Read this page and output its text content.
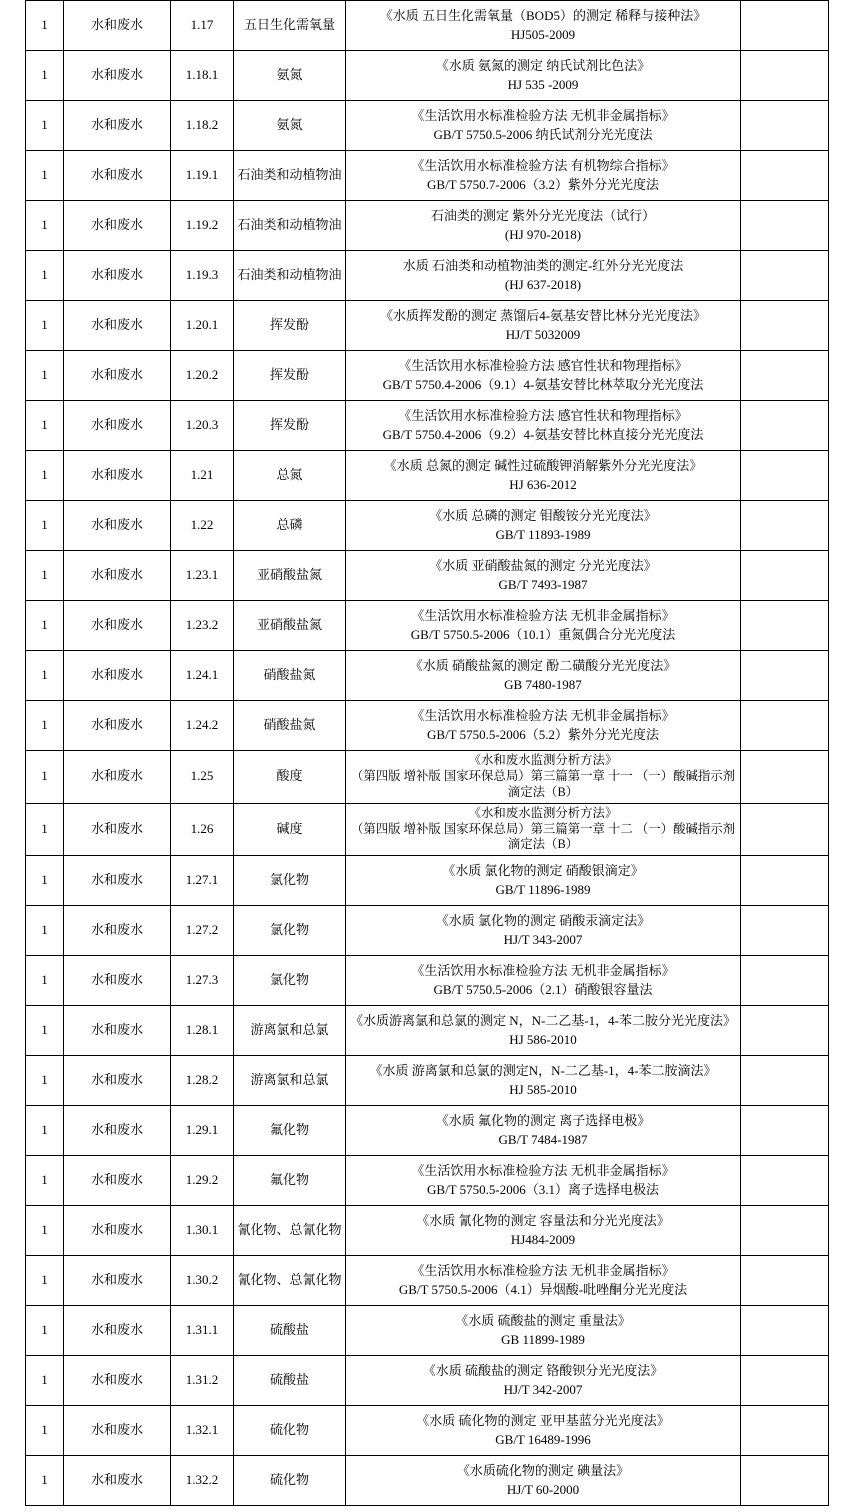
1	水和废水	1.17	五日生化需氧量	《水质 五日生化需氧量（BOD5）的测定 稀释与接种法》
HJ505-2009	

1	水和废水	1.18.1	氨氮	《水质 氨氮的测定 纳氏试剂比色法》
HJ 535 -2009	

1	水和废水	1.18.2	氨氮	《生活饮用水标准检验方法 无机非金属指标》
GB/T 5750.5-2006 纳氏试剂分光光度法	

1	水和废水	1.19.1	石油类和动植物油	《生活饮用水标准检验方法 有机物综合指标》
GB/T 5750.7-2006（3.2）紫外分光光度法	

1	水和废水	1.19.2	石油类和动植物油	石油类的测定 紫外分光光度法（试行）
(HJ 970-2018)	

1	水和废水	1.19.3	石油类和动植物油	水质 石油类和动植物油类的测定-红外分光光度法
(HJ 637-2018)	

1	水和废水	1.20.1	挥发酚	《水质挥发酚的测定 蒸馏后4-氨基安替比林分光光度法》
HJ/T 5032009	

1	水和废水	1.20.2	挥发酚	《生活饮用水标准检验方法 感官性状和物理指标》
GB/T 5750.4-2006（9.1）4-氨基安替比林萃取分光光度法	

1	水和废水	1.20.3	挥发酚	《生活饮用水标准检验方法 感官性状和物理指标》
GB/T 5750.4-2006（9.2）4-氨基安替比林直接分光光度法	

1	水和废水	1.21	总氮	《水质 总氮的测定 碱性过硫酸钾消解紫外分光光度法》
HJ 636-2012	

1	水和废水	1.22	总磷	《水质 总磷的测定 钼酸铵分光光度法》
GB/T 11893-1989	

1	水和废水	1.23.1	亚硝酸盐氮	《水质 亚硝酸盐氮的测定 分光光度法》
GB/T 7493-1987	

1	水和废水	1.23.2	亚硝酸盐氮	《生活饮用水标准检验方法 无机非金属指标》
GB/T 5750.5-2006（10.1）重氮偶合分光光度法	

1	水和废水	1.24.1	硝酸盐氮	《水质 硝酸盐氮的测定 酚二磺酸分光光度法》
GB 7480-1987	

1	水和废水	1.24.2	硝酸盐氮	《生活饮用水标准检验方法 无机非金属指标》
GB/T 5750.5-2006（5.2）紫外分光光度法	

1	水和废水	1.25	酸度	《水和废水监测分析方法》
（第四版 增补版 国家环保总局）第三篇第一章 十一 （一）酸碱指示剂
滴定法（B）	

1	水和废水	1.26	碱度	《水和废水监测分析方法》
（第四版 增补版 国家环保总局）第三篇第一章 十二 （一）酸碱指示剂
滴定法（B）	

1	水和废水	1.27.1	氯化物	《水质 氯化物的测定 硝酸银滴定》
GB/T 11896-1989	

1	水和废水	1.27.2	氯化物	《水质 氯化物的测定 硝酸汞滴定法》
HJ/T 343-2007	

1	水和废水	1.27.3	氯化物	《生活饮用水标准检验方法 无机非金属指标》
GB/T 5750.5-2006（2.1）硝酸银容量法	

1	水和废水	1.28.1	游离氯和总氯	《水质游离氯和总氯的测定 N，N-二乙基-1，4-苯二胺分光光度法》
HJ 586-2010	

1	水和废水	1.28.2	游离氯和总氯	《水质 游离氯和总氯的测定N，N-二乙基-1，4-苯二胺滴法》
HJ 585-2010	

1	水和废水	1.29.1	氟化物	《水质 氟化物的测定 离子选择电极》
GB/T 7484-1987	

1	水和废水	1.29.2	氟化物	《生活饮用水标准检验方法 无机非金属指标》
GB/T 5750.5-2006（3.1）离子选择电极法	

1	水和废水	1.30.1	氰化物、总氰化物	《水质 氰化物的测定 容量法和分光光度法》
HJ484-2009	

1	水和废水	1.30.2	氰化物、总氰化物	《生活饮用水标准检验方法 无机非金属指标》
GB/T 5750.5-2006（4.1）异烟酸-吡唑酮分光光度法	

1	水和废水	1.31.1	硫酸盐	《水质 硫酸盐的测定 重量法》
GB 11899-1989	

1	水和废水	1.31.2	硫酸盐	《水质 硫酸盐的测定 铬酸钡分光光度法》
HJ/T 342-2007	

1	水和废水	1.32.1	硫化物	《水质 硫化物的测定 亚甲基蓝分光光度法》
GB/T 16489-1996	

1	水和废水	1.32.2	硫化物	《水质硫化物的测定 碘量法》
HJ/T 60-2000	
